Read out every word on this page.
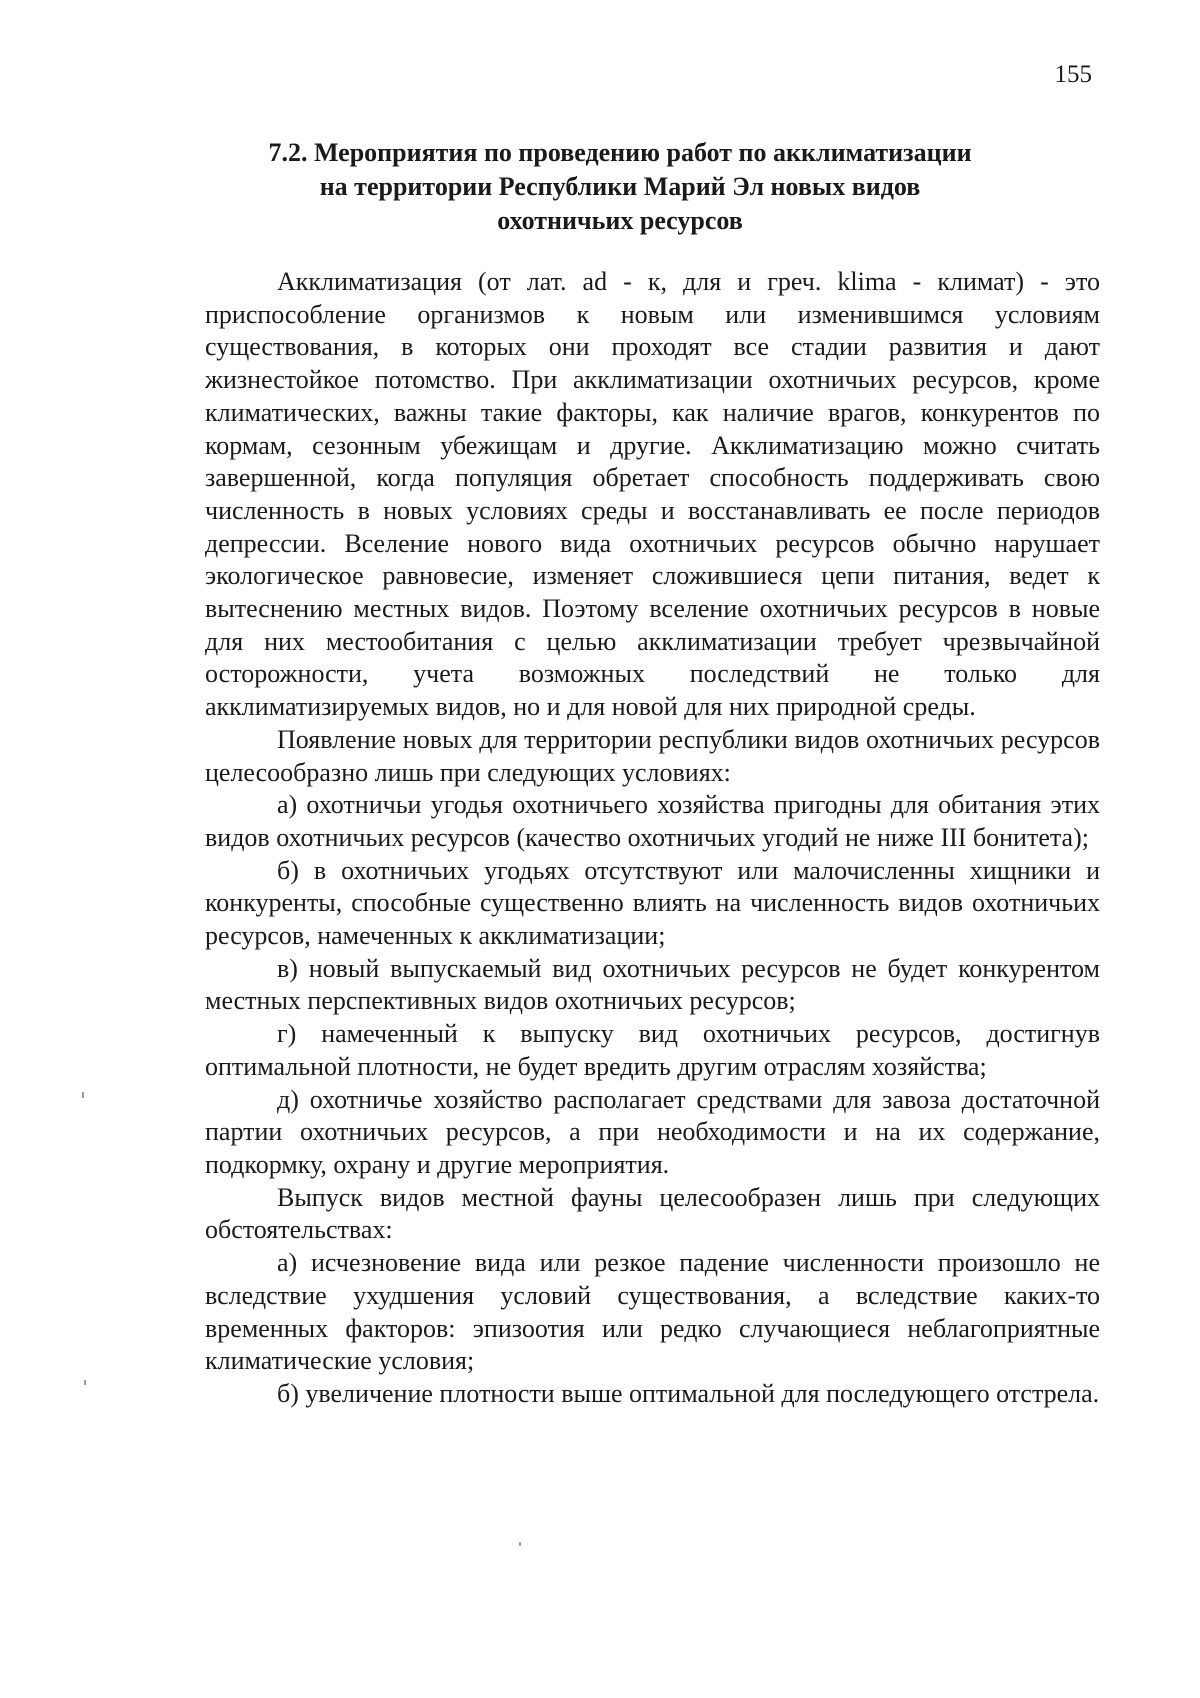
155
7.2. Мероприятия по проведению работ по акклиматизации
на территории Республики Марий Эл новых видов
охотничьих ресурсов

Акклиматизация (от лат. ad - к, для и греч. klima - климат) - это приспособление организмов к новым или изменившимся условиям существования, в которых они проходят все стадии развития и дают жизнестойкое потомство. При акклиматизации охотничьих ресурсов, кроме климатических, важны такие факторы, как наличие врагов, конкурентов по кормам, сезонным убежищам и другие. Акклиматизацию можно считать завершенной, когда популяция обретает способность поддерживать свою численность в новых условиях среды и восстанавливать ее после периодов депрессии. Вселение нового вида охотничьих ресурсов обычно нарушает экологическое равновесие, изменяет сложившиеся цепи питания, ведет к вытеснению местных видов. Поэтому вселение охотничьих ресурсов в новые для них местообитания с целью акклиматизации требует чрезвычайной осторожности, учета возможных последствий не только для акклиматизируемых видов, но и для новой для них природной среды.

Появление новых для территории республики видов охотничьих ресурсов целесообразно лишь при следующих условиях:

а) охотничьи угодья охотничьего хозяйства пригодны для обитания этих видов охотничьих ресурсов (качество охотничьих угодий не ниже III бонитета);

б) в охотничьих угодьях отсутствуют или малочисленны хищники и конкуренты, способные существенно влиять на численность видов охотничьих ресурсов, намеченных к акклиматизации;

в) новый выпускаемый вид охотничьих ресурсов не будет конкурентом местных перспективных видов охотничьих ресурсов;

г) намеченный к выпуску вид охотничьих ресурсов, достигнув оптимальной плотности, не будет вредить другим отраслям хозяйства;

д) охотничье хозяйство располагает средствами для завоза достаточной партии охотничьих ресурсов, а при необходимости и на их содержание, подкормку, охрану и другие мероприятия.

Выпуск видов местной фауны целесообразен лишь при следующих обстоятельствах:

а) исчезновение вида или резкое падение численности произошло не вследствие ухудшения условий существования, а вследствие каких-то временных факторов: эпизоотия или редко случающиеся неблагоприятные климатические условия;

б) увеличение плотности выше оптимальной для последующего отстрела.
